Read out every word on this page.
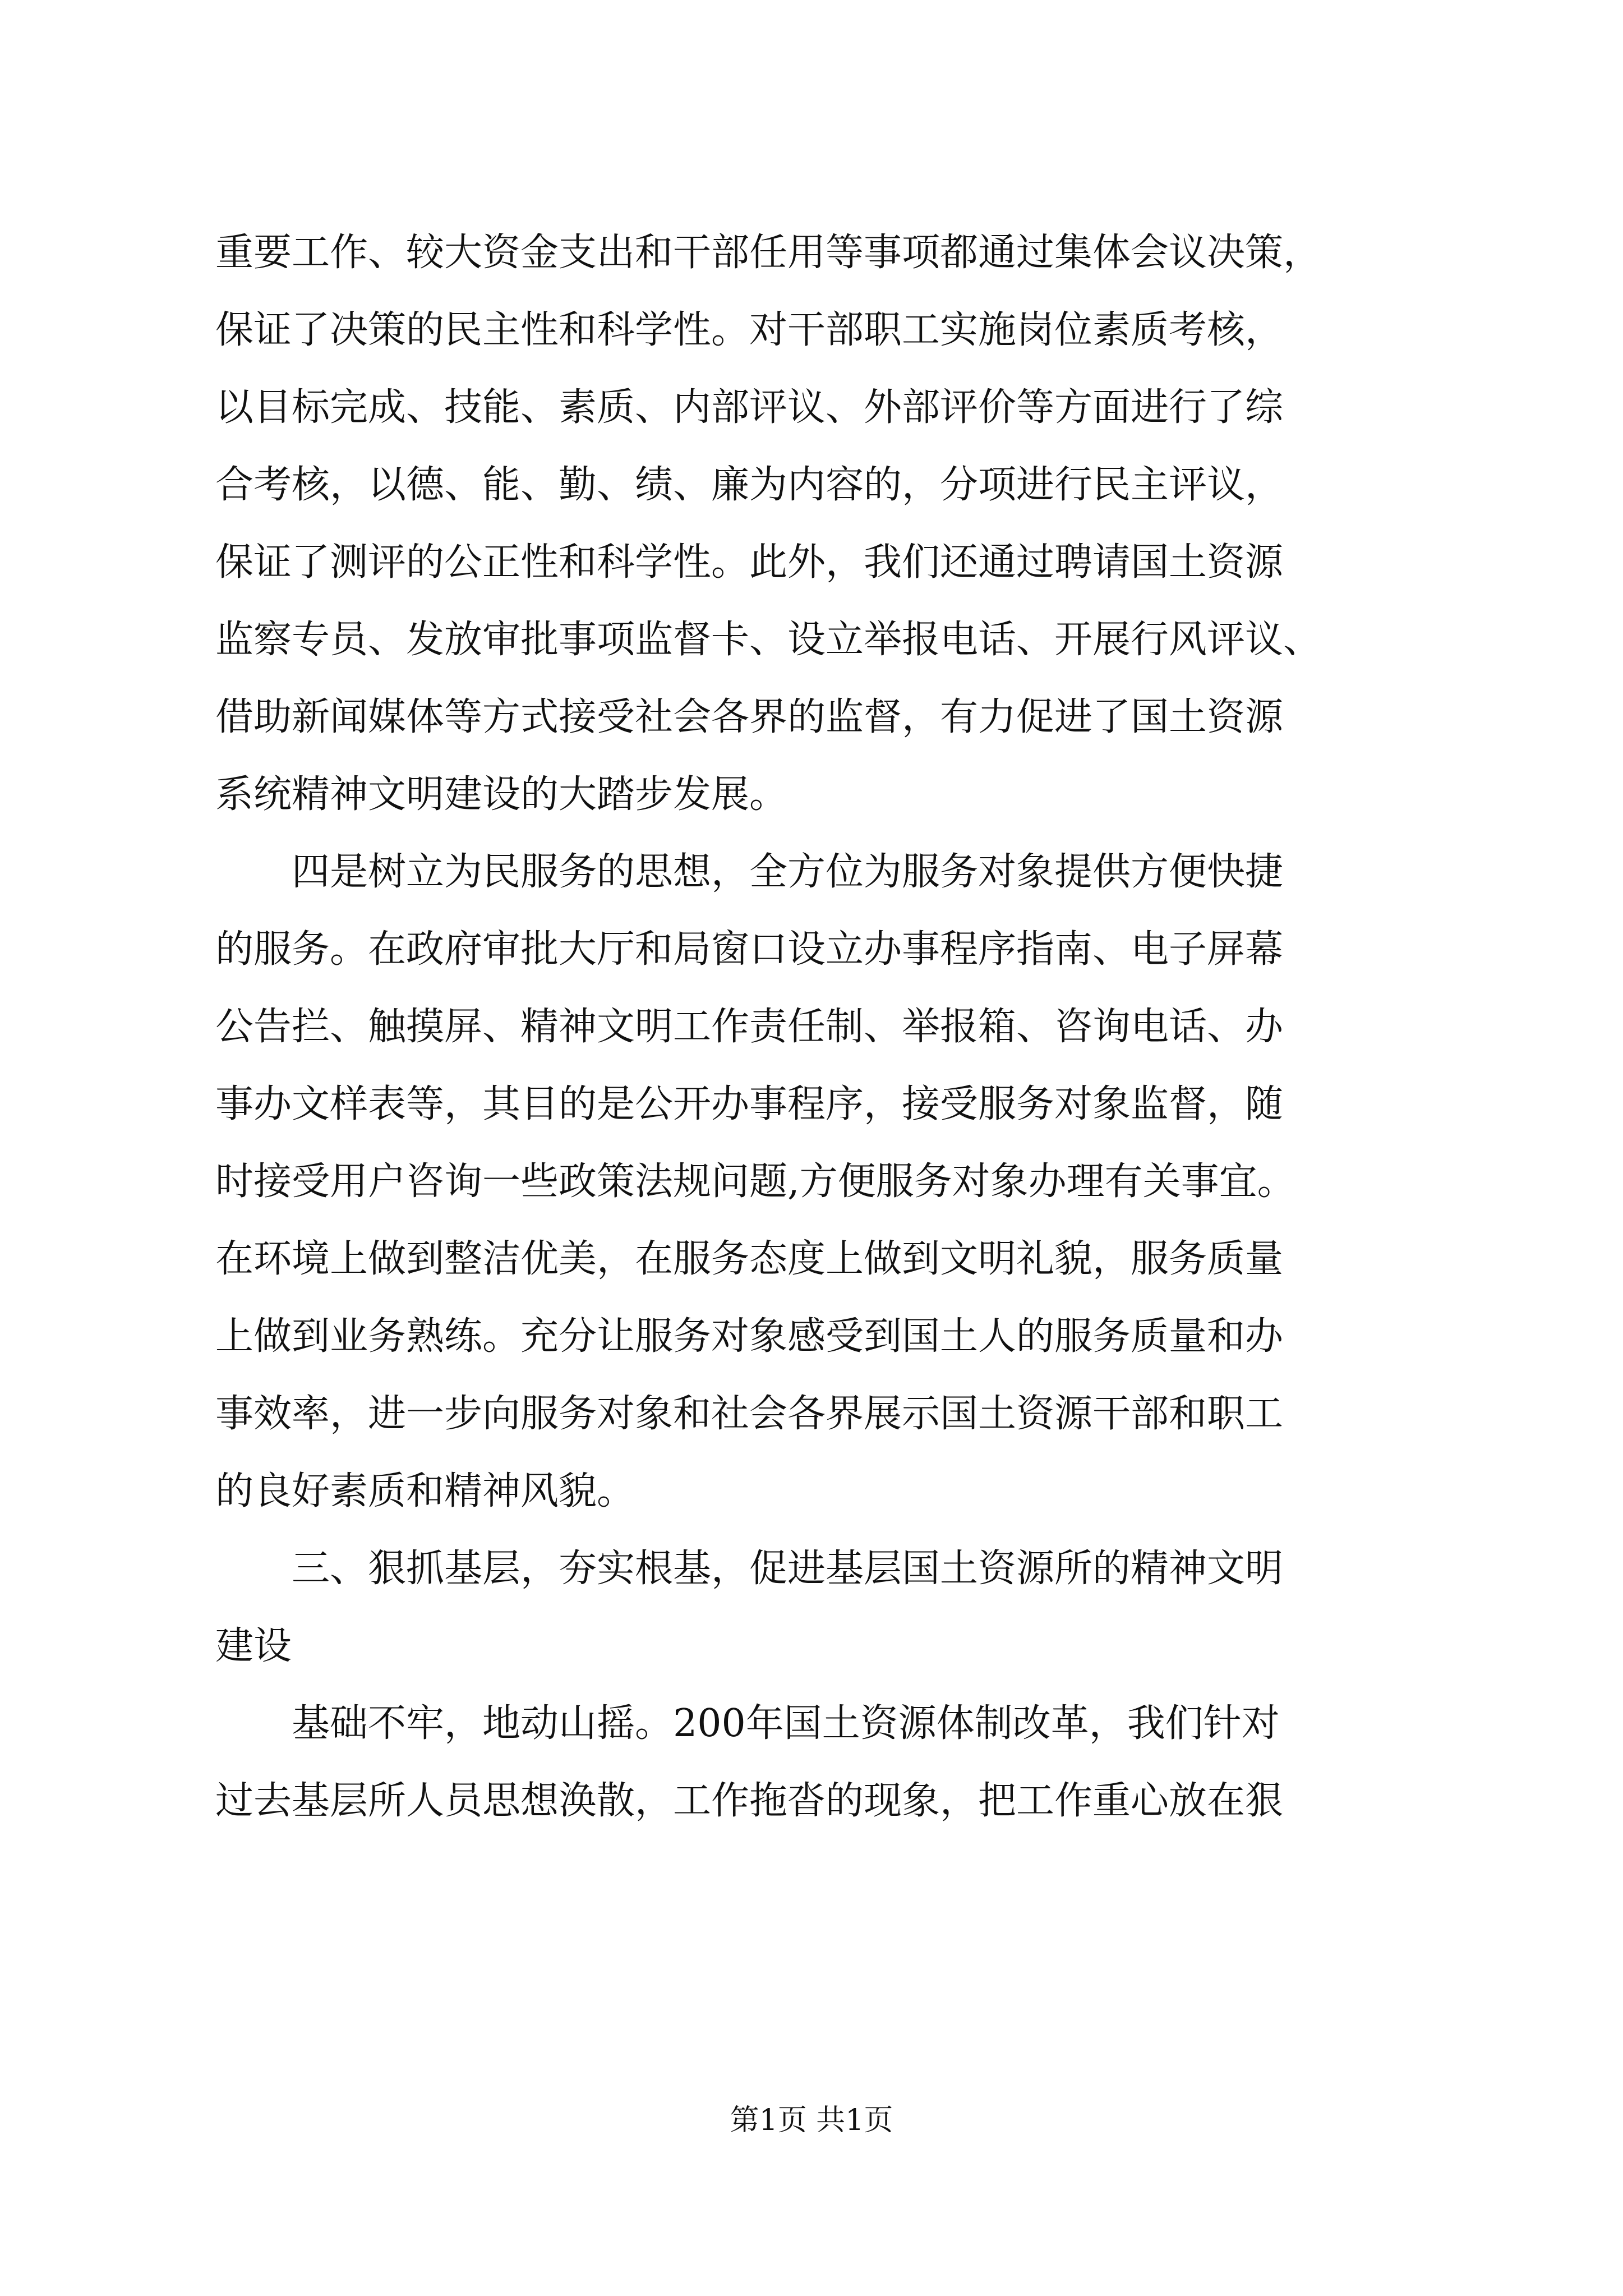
重要工作、较大资金支出和干部任用等事项都通过集体会议决策，
保证了决策的民主性和科学性。对干部职工实施岗位素质考核，
以目标完成、技能、素质、内部评议、外部评价等方面进行了综
合考核，以德、能、勤、绩、廉为内容的，分项进行民主评议，
保证了测评的公正性和科学性。此外，我们还通过聘请国土资源
监察专员、发放审批事项监督卡、设立举报电话、开展行风评议、
借助新闻媒体等方式接受社会各界的监督，有力促进了国土资源
系统精神文明建设的大踏步发展。
四是树立为民服务的思想，全方位为服务对象提供方便快捷
的服务。在政府审批大厅和局窗口设立办事程序指南、电子屏幕
公告拦、触摸屏、精神文明工作责任制、举报箱、咨询电话、办
事办文样表等，其目的是公开办事程序，接受服务对象监督，随
时接受用户咨询一些政策法规问题,方便服务对象办理有关事宜。
在环境上做到整洁优美，在服务态度上做到文明礼貌，服务质量
上做到业务熟练。充分让服务对象感受到国土人的服务质量和办
事效率，进一步向服务对象和社会各界展示国土资源干部和职工
的良好素质和精神风貌。
三、狠抓基层，夯实根基，促进基层国土资源所的精神文明
建设
基础不牢，地动山摇。200年国土资源体制改革，我们针对
过去基层所人员思想涣散，工作拖沓的现象，把工作重心放在狠
第1页 共1页
